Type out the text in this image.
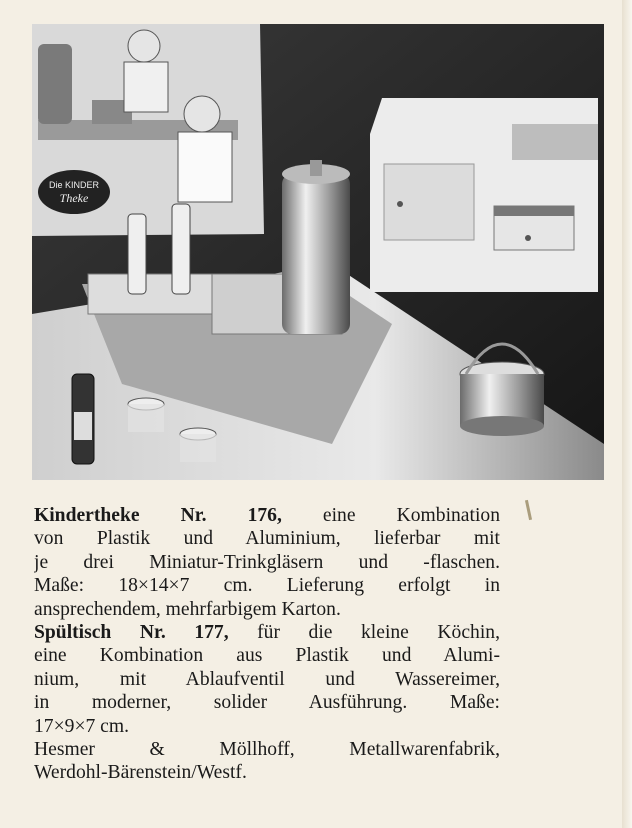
Die KINDER
Theke
Kindertheke Nr. 176, eine Kombination
von Plastik und Aluminium, lieferbar mit
je drei Miniatur-Trinkgläsern und -flaschen.
Maße: 18×14×7 cm. Lieferung erfolgt in
ansprechendem, mehrfarbigem Karton.
Spültisch Nr. 177, für die kleine Köchin,
eine Kombination aus Plastik und Alumi-
nium, mit Ablaufventil und Wassereimer,
in moderner, solider Ausführung. Maße:
17×9×7 cm.
Hesmer & Möllhoff, Metallwarenfabrik,
Werdohl-Bärenstein/Westf.
